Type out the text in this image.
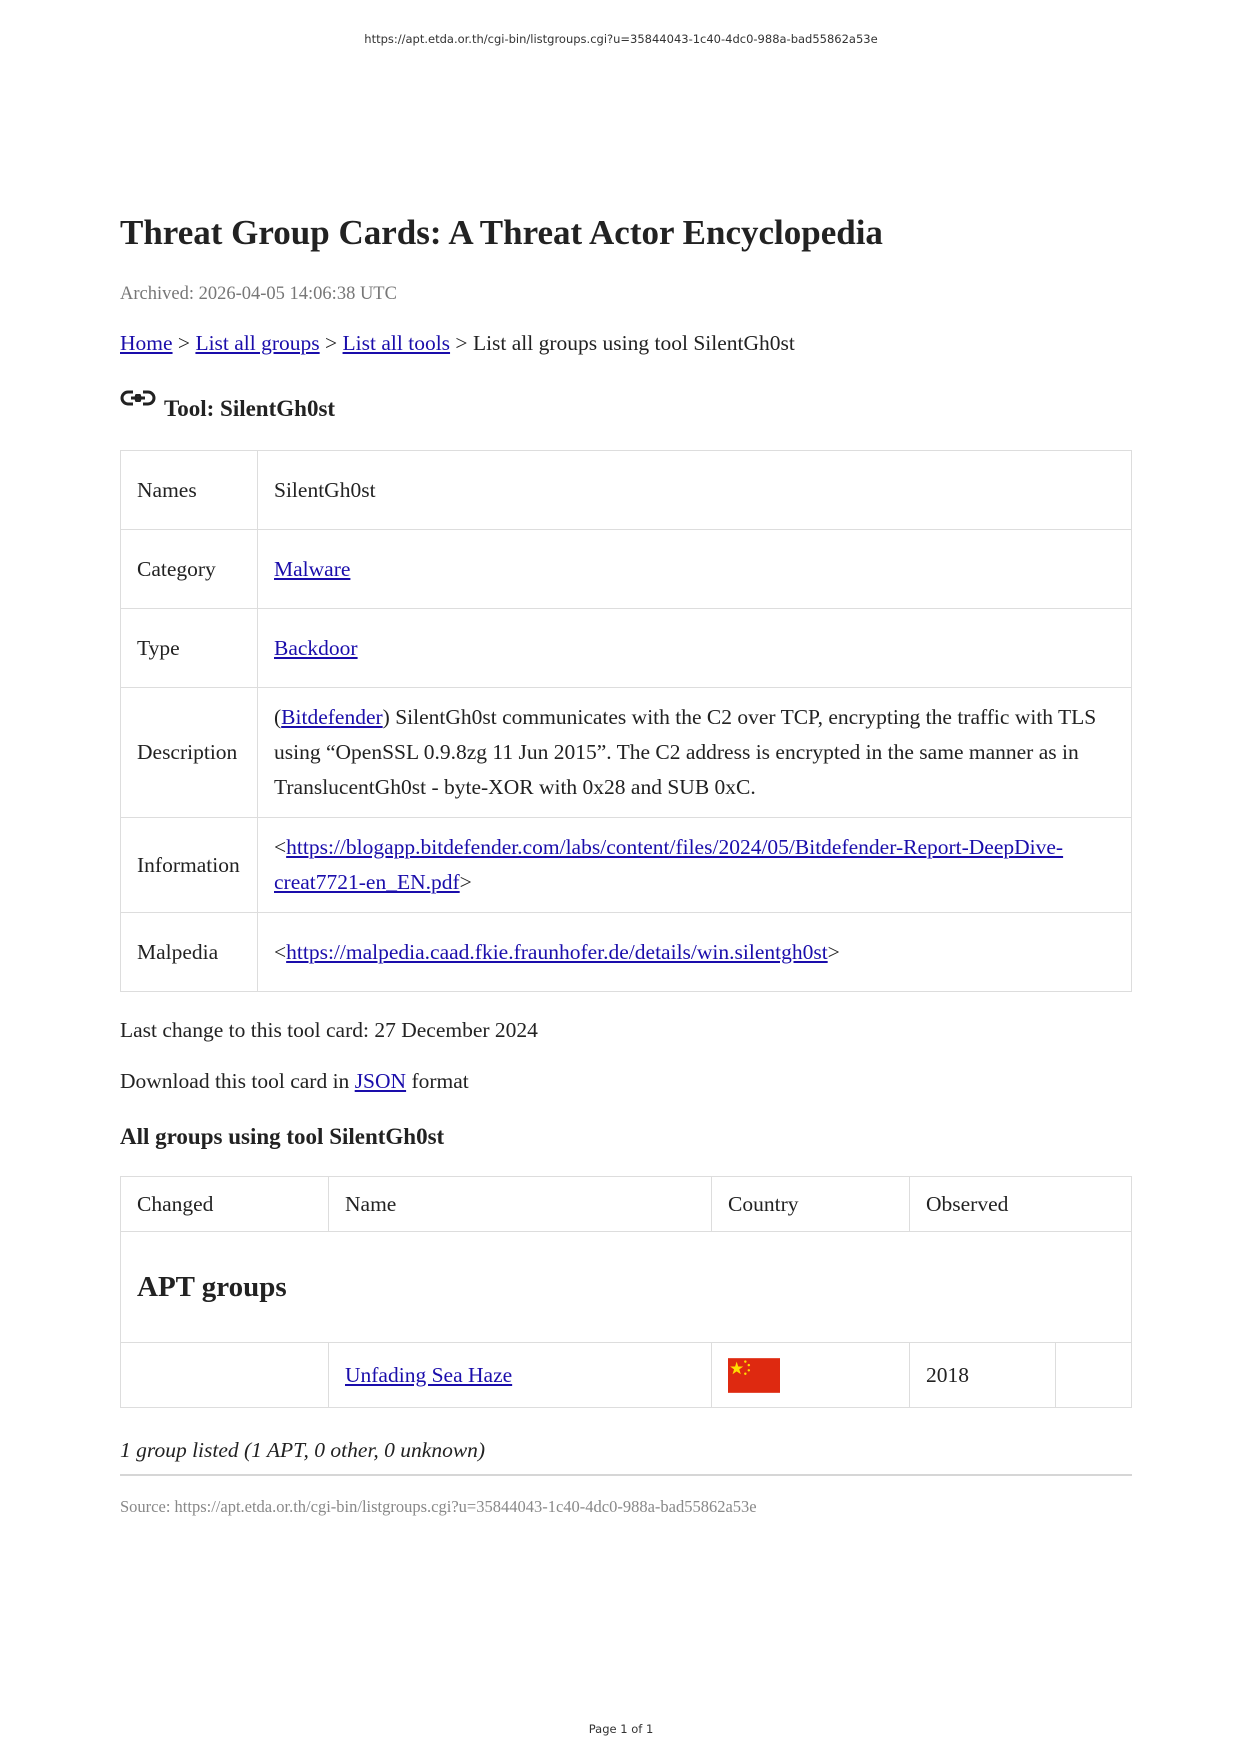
https://apt.etda.or.th/cgi-bin/listgroups.cgi?u=35844043-1c40-4dc0-988a-bad55862a53e
Threat Group Cards: A Threat Actor Encyclopedia
Archived: 2026-04-05 14:06:38 UTC
Home > List all groups > List all tools > List all groups using tool SilentGh0st
Tool: SilentGh0st
Names	SilentGh0st
Category	Malware
Type	Backdoor
Description	(Bitdefender) SilentGh0st communicates with the C2 over TCP, encrypting the traffic with TLS using “OpenSSL 0.9.8zg 11 Jun 2015”. The C2 address is encrypted in the same manner as in TranslucentGh0st - byte-XOR with 0x28 and SUB 0xC.
Information	<https://blogapp.bitdefender.com/labs/content/files/2024/05/Bitdefender-Report-DeepDive-creat7721-en_EN.pdf>
Malpedia	<https://malpedia.caad.fkie.fraunhofer.de/details/win.silentgh0st>
Last change to this tool card: 27 December 2024
Download this tool card in JSON format
All groups using tool SilentGh0st
Changed	Name	Country	Observed	
APT groups				
	Unfading Sea Haze		2018	
1 group listed (1 APT, 0 other, 0 unknown)
Source: https://apt.etda.or.th/cgi-bin/listgroups.cgi?u=35844043-1c40-4dc0-988a-bad55862a53e
Page 1 of 1
